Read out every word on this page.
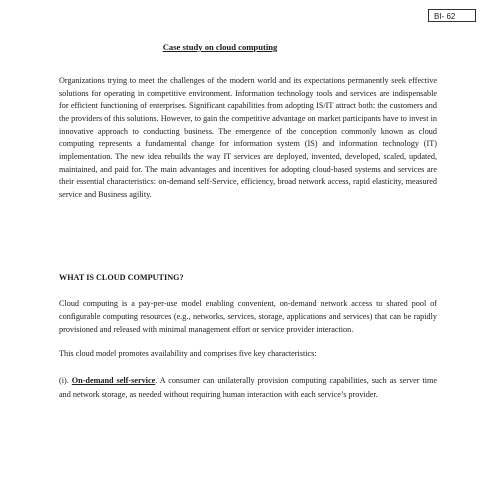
BI- 62
Case study on cloud computing

Organizations trying to meet the challenges of the modern world and its expectations permanently seek effective solutions for operating in competitive environment. Information technology tools and services are indispensable for efficient functioning of enterprises. Significant capabilities from adopting IS/IT attract both: the customers and the providers of this solutions. However, to gain the competitive advantage on market participants have to invest in innovative approach to conducting business. The emergence of the conception commonly known as cloud computing represents a fundamental change for information system (IS) and information technology (IT) implementation. The new idea rebuilds the way IT services are deployed, invented, developed, scaled, updated, maintained, and paid for. The main advantages and incentives for adopting cloud-based systems and services are their essential characteristics: on-demand self-Service, efficiency, broad network access, rapid elasticity, measured service and Business agility.

WHAT IS CLOUD COMPUTING?

Cloud computing is a pay-per-use model enabling convenient, on-demand network access to shared pool of configurable computing resources (e.g., networks, services, storage, applications and services) that can be rapidly provisioned and released with minimal management effort or service provider interaction.

This cloud model promotes availability and comprises five key characteristics:

(i). On-demand self-service. A consumer can unilaterally provision computing capabilities, such as server time and network storage, as needed without requiring human interaction with each service’s provider.
